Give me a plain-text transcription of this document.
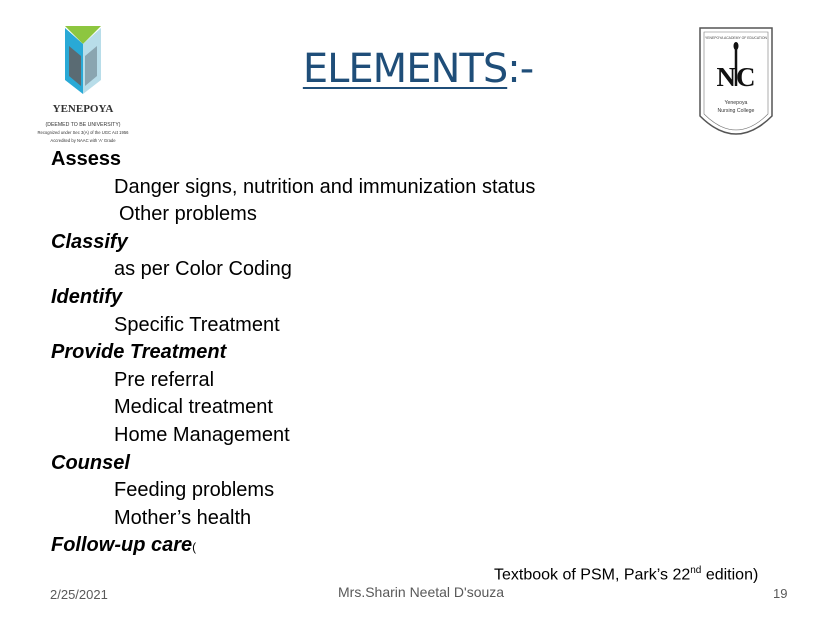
YENEPOYA
(DEEMED TO BE UNIVERSITY)
Recognized under Sec 3(A) of the UGC Act 1956
Accredited by NAAC with 'A' Grade
ELEMENTS:-
YENEPOYA ACADEMY OF EDUCATION
NC
Yenepoya
Nursing College
Assess
Danger signs, nutrition and immunization status
Other problems
Classify
as per Color Coding
Identify
Specific Treatment
Provide Treatment
Pre referral
Medical treatment
Home Management
Counsel
Feeding problems
Mother’s health
Follow-up care(
Textbook of PSM, Park’s 22nd edition)
2/25/2021	Mrs.Sharin Neetal D'souza	19
